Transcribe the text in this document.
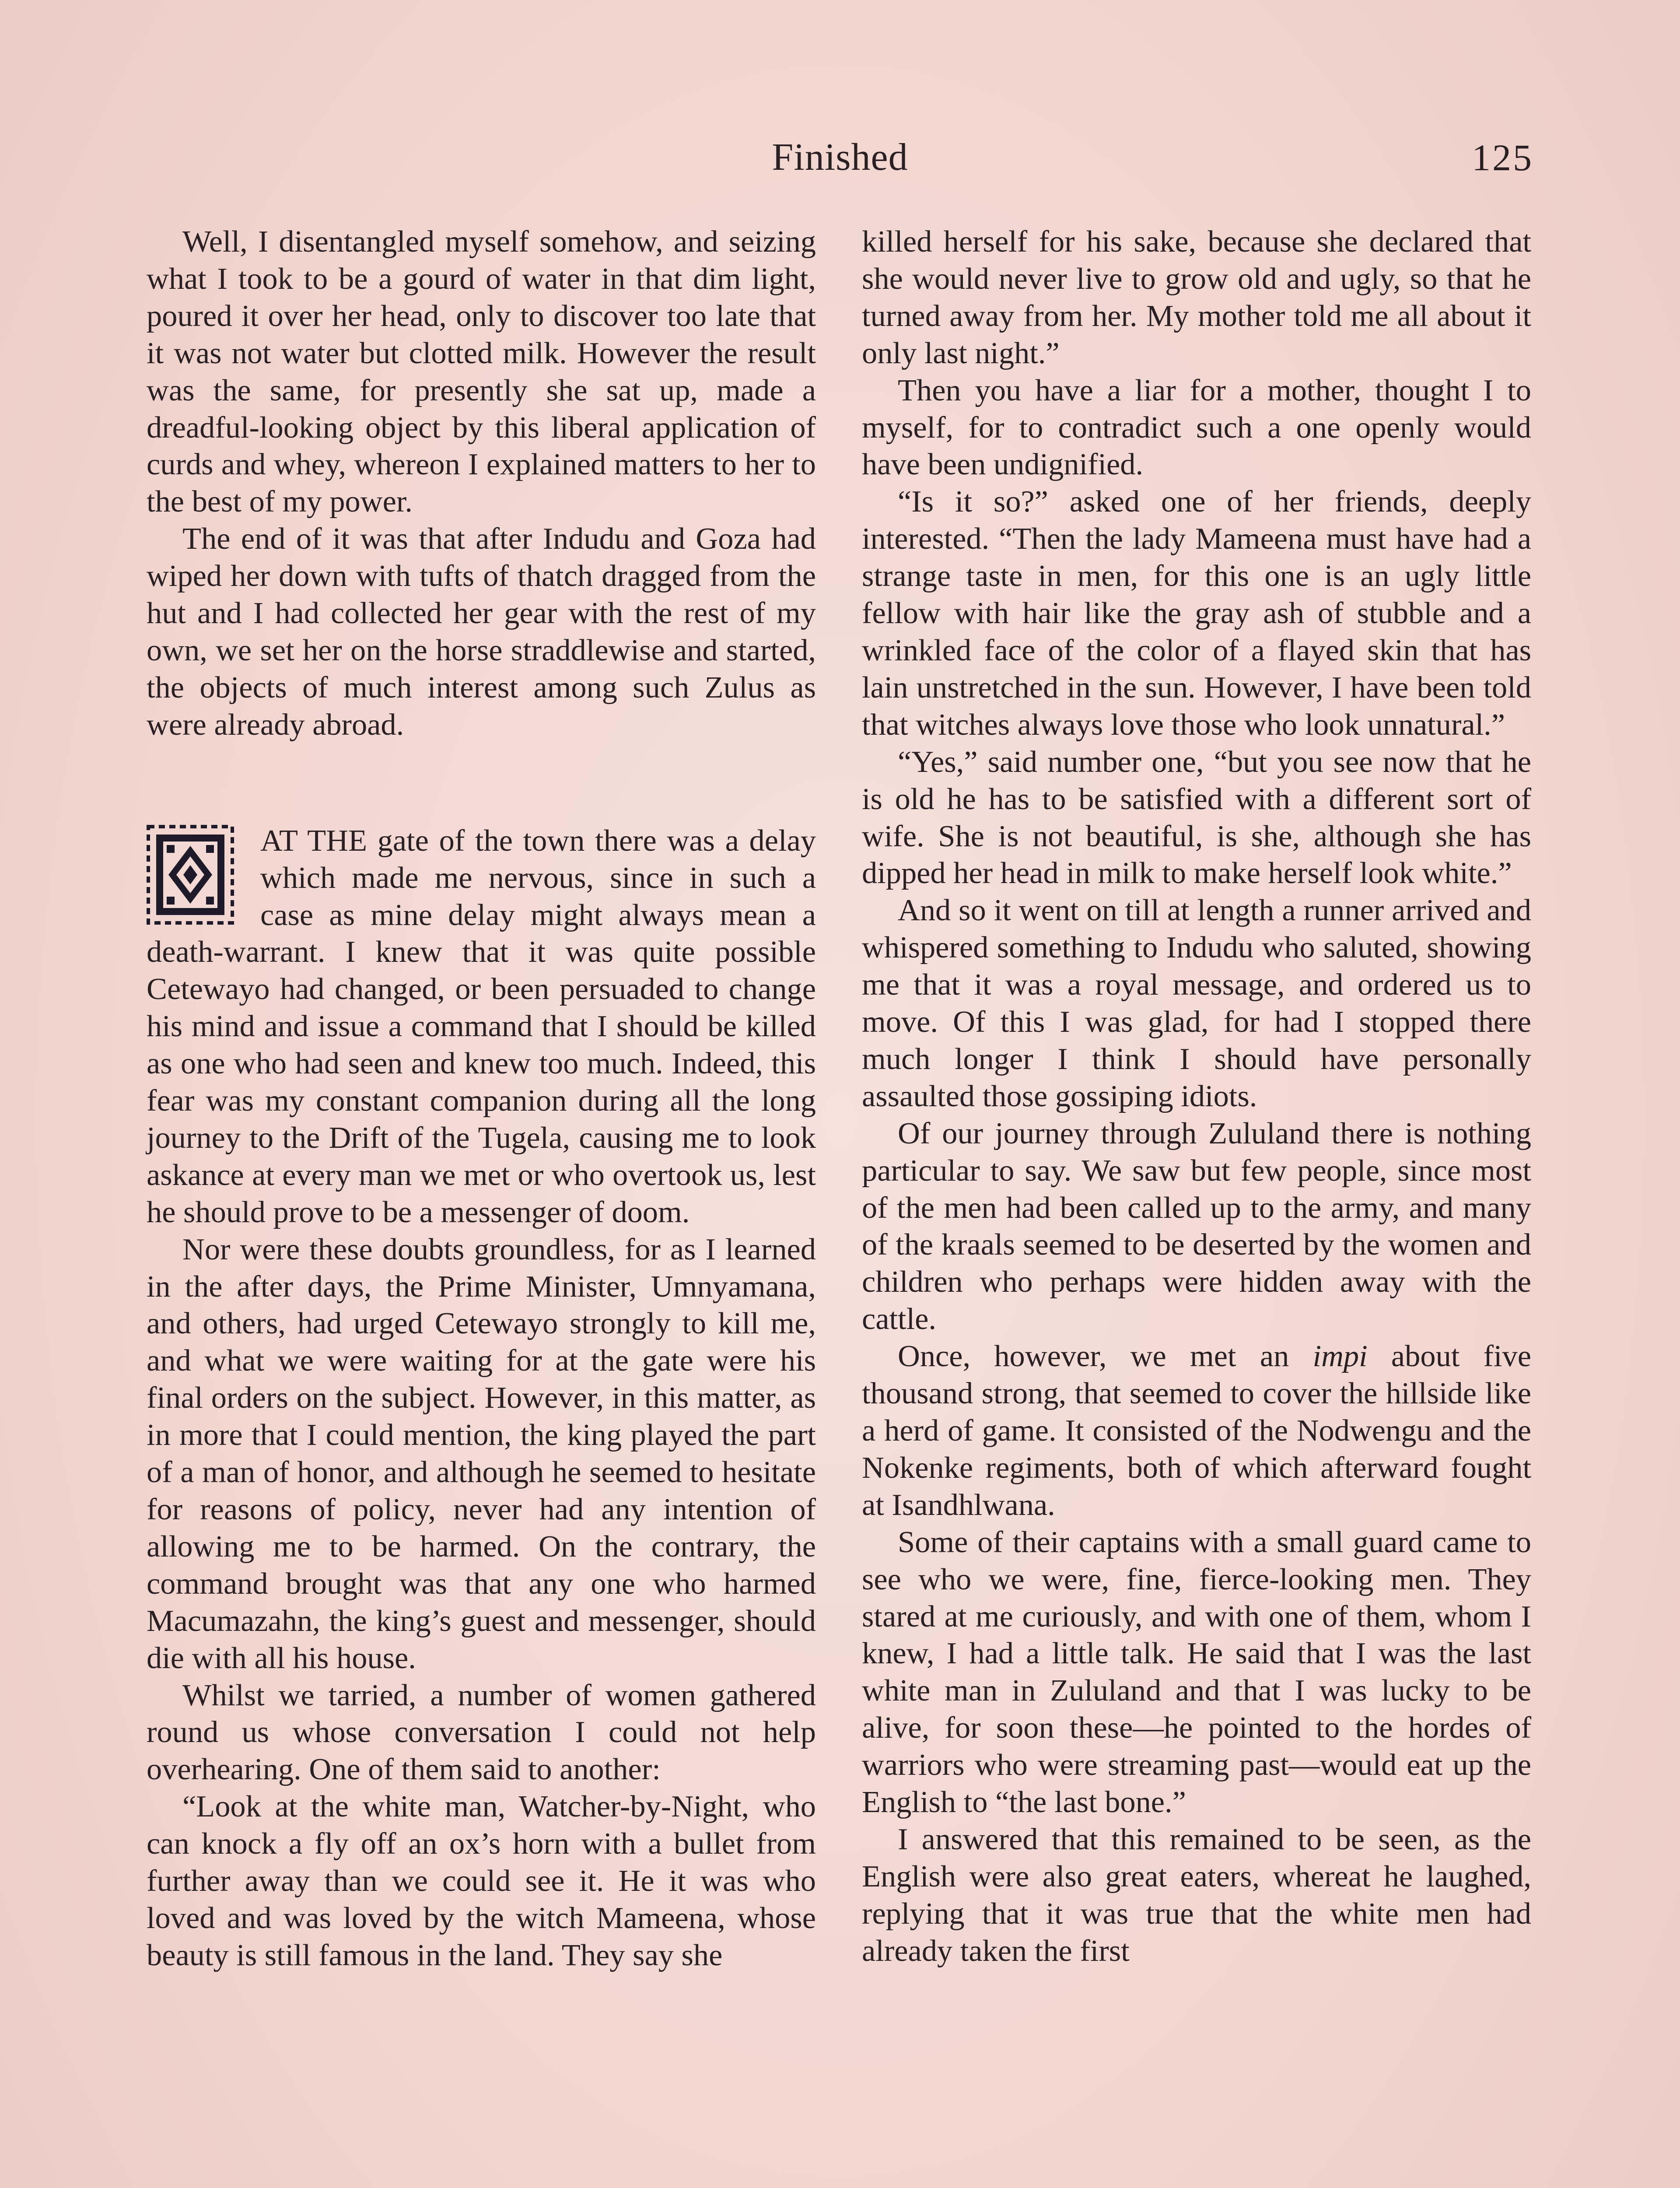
Finished	125

Well, I disentangled myself somehow, and seizing what I took to be a gourd of water in that dim light, poured it over her head, only to discover too late that it was not water but clotted milk. However the result was the same, for presently she sat up, made a dreadful-looking object by this liberal application of curds and whey, whereon I explained matters to her to the best of my power.

The end of it was that after Indudu and Goza had wiped her down with tufts of thatch dragged from the hut and I had collected her gear with the rest of my own, we set her on the horse straddlewise and started, the objects of much interest among such Zulus as were already abroad.

AT THE gate of the town there was a delay which made me nervous, since in such a case as mine delay might always mean a death-warrant. I knew that it was quite possible Cetewayo had changed, or been persuaded to change his mind and issue a command that I should be killed as one who had seen and knew too much. Indeed, this fear was my constant companion during all the long journey to the Drift of the Tugela, causing me to look askance at every man we met or who overtook us, lest he should prove to be a messenger of doom.

Nor were these doubts groundless, for as I learned in the after days, the Prime Minister, Umnyamana, and others, had urged Cetewayo strongly to kill me, and what we were waiting for at the gate were his final orders on the subject. However, in this matter, as in more that I could mention, the king played the part of a man of honor, and although he seemed to hesitate for reasons of policy, never had any intention of allowing me to be harmed. On the contrary, the command brought was that any one who harmed Macumazahn, the king’s guest and messenger, should die with all his house.

Whilst we tarried, a number of women gathered round us whose conversation I could not help overhearing. One of them said to another:

“Look at the white man, Watcher-by-Night, who can knock a fly off an ox’s horn with a bullet from further away than we could see it. He it was who loved and was loved by the witch Mameena, whose beauty is still famous in the land. They say she

killed herself for his sake, because she declared that she would never live to grow old and ugly, so that he turned away from her. My mother told me all about it only last night.”

Then you have a liar for a mother, thought I to myself, for to contradict such a one openly would have been undignified.

“Is it so?” asked one of her friends, deeply interested. “Then the lady Mameena must have had a strange taste in men, for this one is an ugly little fellow with hair like the gray ash of stubble and a wrinkled face of the color of a flayed skin that has lain unstretched in the sun. However, I have been told that witches always love those who look unnatural.”

“Yes,” said number one, “but you see now that he is old he has to be satisfied with a different sort of wife. She is not beautiful, is she, although she has dipped her head in milk to make herself look white.”

And so it went on till at length a runner arrived and whispered something to Indudu who saluted, showing me that it was a royal message, and ordered us to move. Of this I was glad, for had I stopped there much longer I think I should have personally assaulted those gossiping idiots.

Of our journey through Zululand there is nothing particular to say. We saw but few people, since most of the men had been called up to the army, and many of the kraals seemed to be deserted by the women and children who perhaps were hidden away with the cattle.

Once, however, we met an impi about five thousand strong, that seemed to cover the hillside like a herd of game. It consisted of the Nodwengu and the Nokenke regiments, both of which afterward fought at Isandhlwana.

Some of their captains with a small guard came to see who we were, fine, fierce-looking men. They stared at me curiously, and with one of them, whom I knew, I had a little talk. He said that I was the last white man in Zululand and that I was lucky to be alive, for soon these—he pointed to the hordes of warriors who were streaming past—would eat up the English to “the last bone.”

I answered that this remained to be seen, as the English were also great eaters, whereat he laughed, replying that it was true that the white men had already taken the first
